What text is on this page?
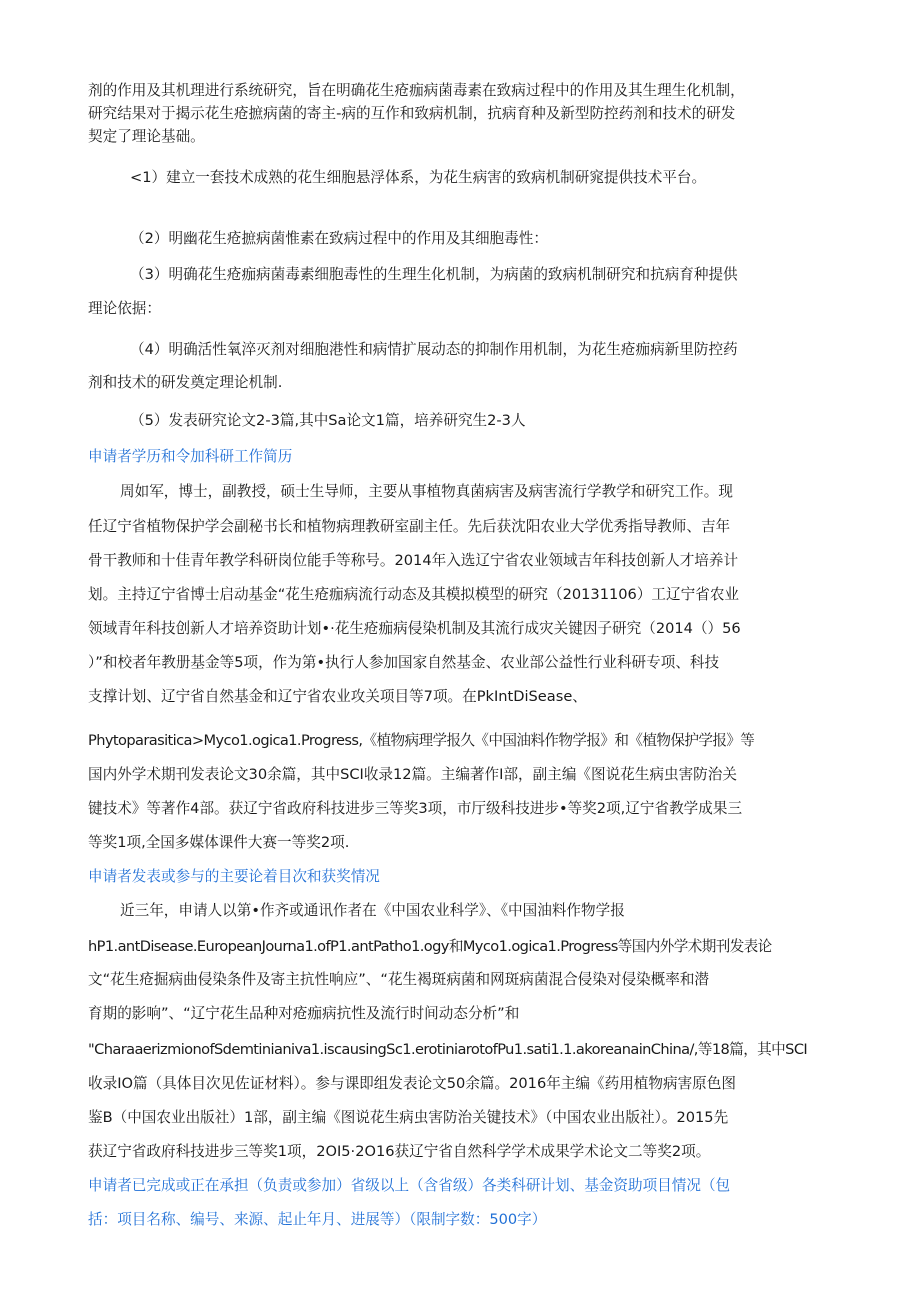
剂的作用及其机理进行系统研究，旨在明确花生疮痂病菌毒素在致病过程中的作用及其生理生化机制，
研究结果对于揭示花生疮摭病菌的寄主-病的互作和致病机制，抗病育种及新型防控药剂和技术的研发
契定了理论基础。
<1）建立一套技术成熟的花生细胞悬浮体系，为花生病害的致病机制研窕提供技术平台。
（2）明幽花生疮摭病菌惟素在致病过程中的作用及其细胞毒性：
（3）明确花生疮痂病菌毒素细胞毒性的生理生化机制，为病菌的致病机制研究和抗病育种提供
理论依据：
（4）明确活性氧淬灭剂对细胞港性和病情扩展动态的抑制作用机制，为花生疮痂病新里防控药
剂和技术的研发奠定理论机制.
（5）发表研究论文2-3篇,其中Sa论文1篇，培养研究生2-3人
申请者学历和令加科研工作简历
周如军，博士，副教授，硕士生导师，主要从事植物真菌病害及病害流行学教学和研究工作。现
任辽宁省植物保护学会副秘书长和植物病理教研室副主任。先后获沈阳农业大学优秀指导教师、吉年
骨干教师和十佳青年教学科研岗位能手等称号。2014年入选辽宁省农业领域吉年科技创新人才培养计
划。主持辽宁省博士启动基金“花生疮痂病流行动态及其模拟模型的研究（20131106）工辽宁省农业
领域青年科技创新人才培养资助计划•·花生疮痂病侵染机制及其流行成灾关键因子研究（2014（）56
）”和校者年教册基金等5项，作为第•执行人参加国家自然基金、农业部公益性行业科研专项、科技
支撑计划、辽宁省自然基金和辽宁省农业攻关项目等7项。在PkIntDiSease、
Phytoparasitica>Myco1.ogica1.Progress,《植物病理学报久《中国油料作物学报》和《植物保护学报》等
国内外学术期刊发表论文30余篇，其中SCI收录12篇。主编著作I部，副主编《图说花生病虫害防治关
键技术》等著作4部。获辽宁省政府科技进步三等奖3项，市厅级科技进步•等奖2项,辽宁省教学成果三
等奖1项,全国多媒体课件大赛一等奖2项.
申请者发表或参与的主要论着目次和获奖情况
近三年，申请人以第•作齐或通讯作者在《中国农业科学》、《中国油料作物学报
hP1.antDisease.EuropeanJourna1.ofP1.antPatho1.ogy和Myco1.ogica1.Progress等国内外学术期刊发表论
文“花生疮掘病曲侵染条件及寄主抗性响应”、“花生褐斑病菌和网斑病菌混合侵染对侵染概率和潜
育期的影响”、“辽宁花生品种对疮痂病抗性及流行时间动态分析”和
"CharaaerizmionofSdemtinianiva1.iscausingSc1.erotiniarotofPu1.sati1.1.akoreanainChina/,等18篇，其中SCI
收录IO篇（具体目次见佐证材料）。参与课即组发表论文50余篇。2016年主编《药用植物病害原色图
鉴B（中国农业出版社）1部，副主编《图说花生病虫害防治关键技术》（中国农业出版社）。2015先
获辽宁省政府科技进步三等奖1项，2OI5·2O16获辽宁省自然科学学术成果学术论文二等奖2项。
申请者已完成或正在承担（负责或参加）省级以上（含省级）各类科研计划、基金资助项目情况（包
括：项目名称、编号、来源、起止年月、进展等）（限制字数：500字）
